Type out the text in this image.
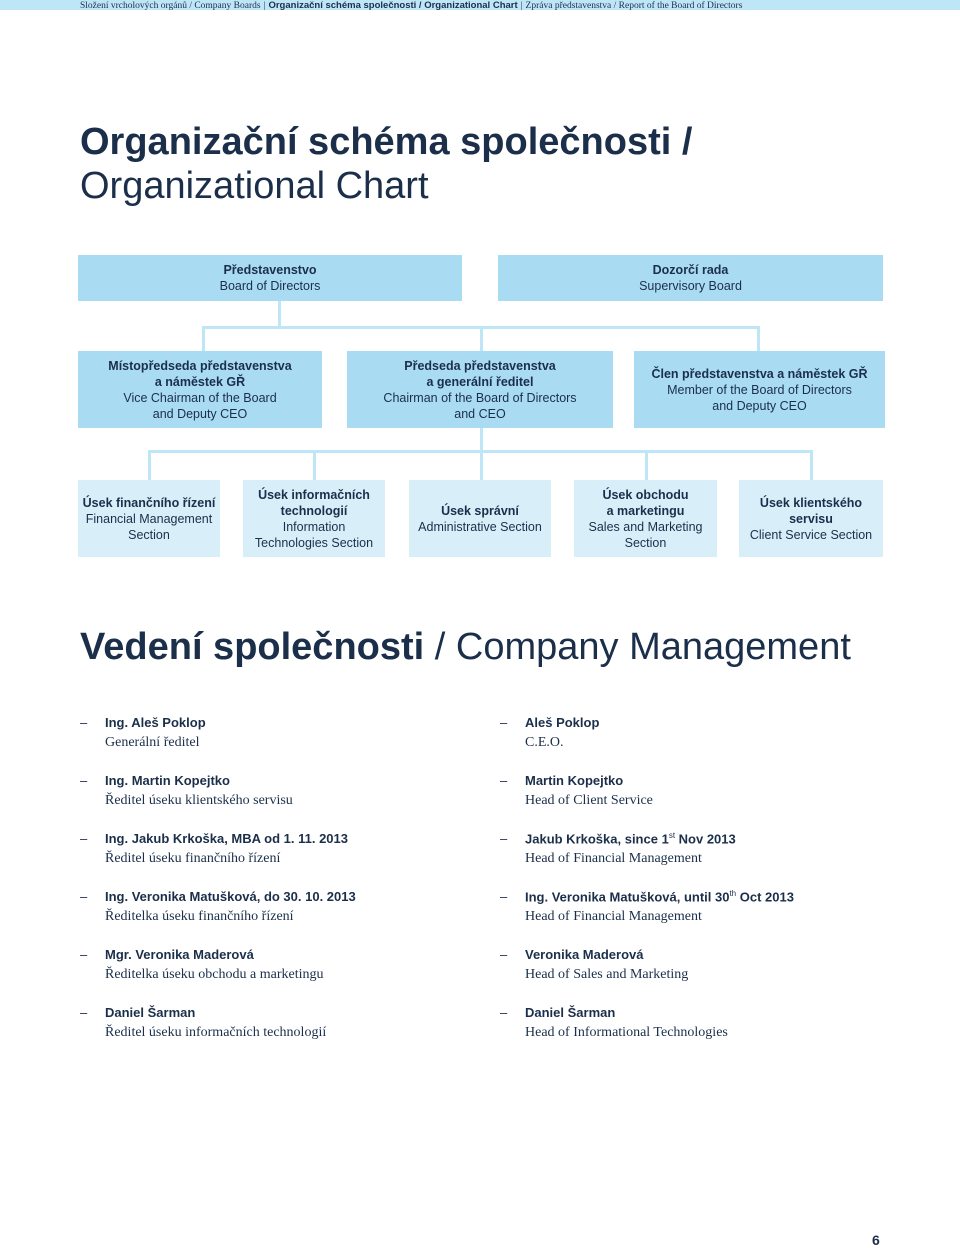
Složení vrcholových orgánů / Company Boards | Organizační schéma společnosti / Organizational Chart | Zpráva představenstva / Report of the Board of Directors
Organizační schéma společnosti /
Organizational Chart
Představenstvo
Board of Directors
Dozorčí rada
Supervisory Board
Místopředseda představenstva
a náměstek GŘ
Vice Chairman of the Board
and Deputy CEO
Předseda představenstva
a generální ředitel
Chairman of the Board of Directors
and CEO
Člen představenstva a náměstek GŘ
Member of the Board of Directors
and Deputy CEO
Úsek finančního řízení
Financial Management
Section
Úsek informačních
technologií
Information
Technologies Section
Úsek správní
Administrative Section
Úsek obchodu
a marketingu
Sales and Marketing
Section
Úsek klientského
servisu
Client Service Section
Vedení společnosti / Company Management
– Ing. Aleš Poklop
Generální ředitel
– Ing. Martin Kopejtko
Ředitel úseku klientského servisu
– Ing. Jakub Krkoška, MBA od 1. 11. 2013
Ředitel úseku finančního řízení
– Ing. Veronika Matušková, do 30. 10. 2013
Ředitelka úseku finančního řízení
– Mgr. Veronika Maderová
Ředitelka úseku obchodu a marketingu
– Daniel Šarman
Ředitel úseku informačních technologií
– Aleš Poklop
C.E.O.
– Martin Kopejtko
Head of Client Service
– Jakub Krkoška, since 1st Nov 2013
Head of Financial Management
– Ing. Veronika Matušková, until 30th Oct 2013
Head of Financial Management
– Veronika Maderová
Head of Sales and Marketing
– Daniel Šarman
Head of Informational Technologies
6
